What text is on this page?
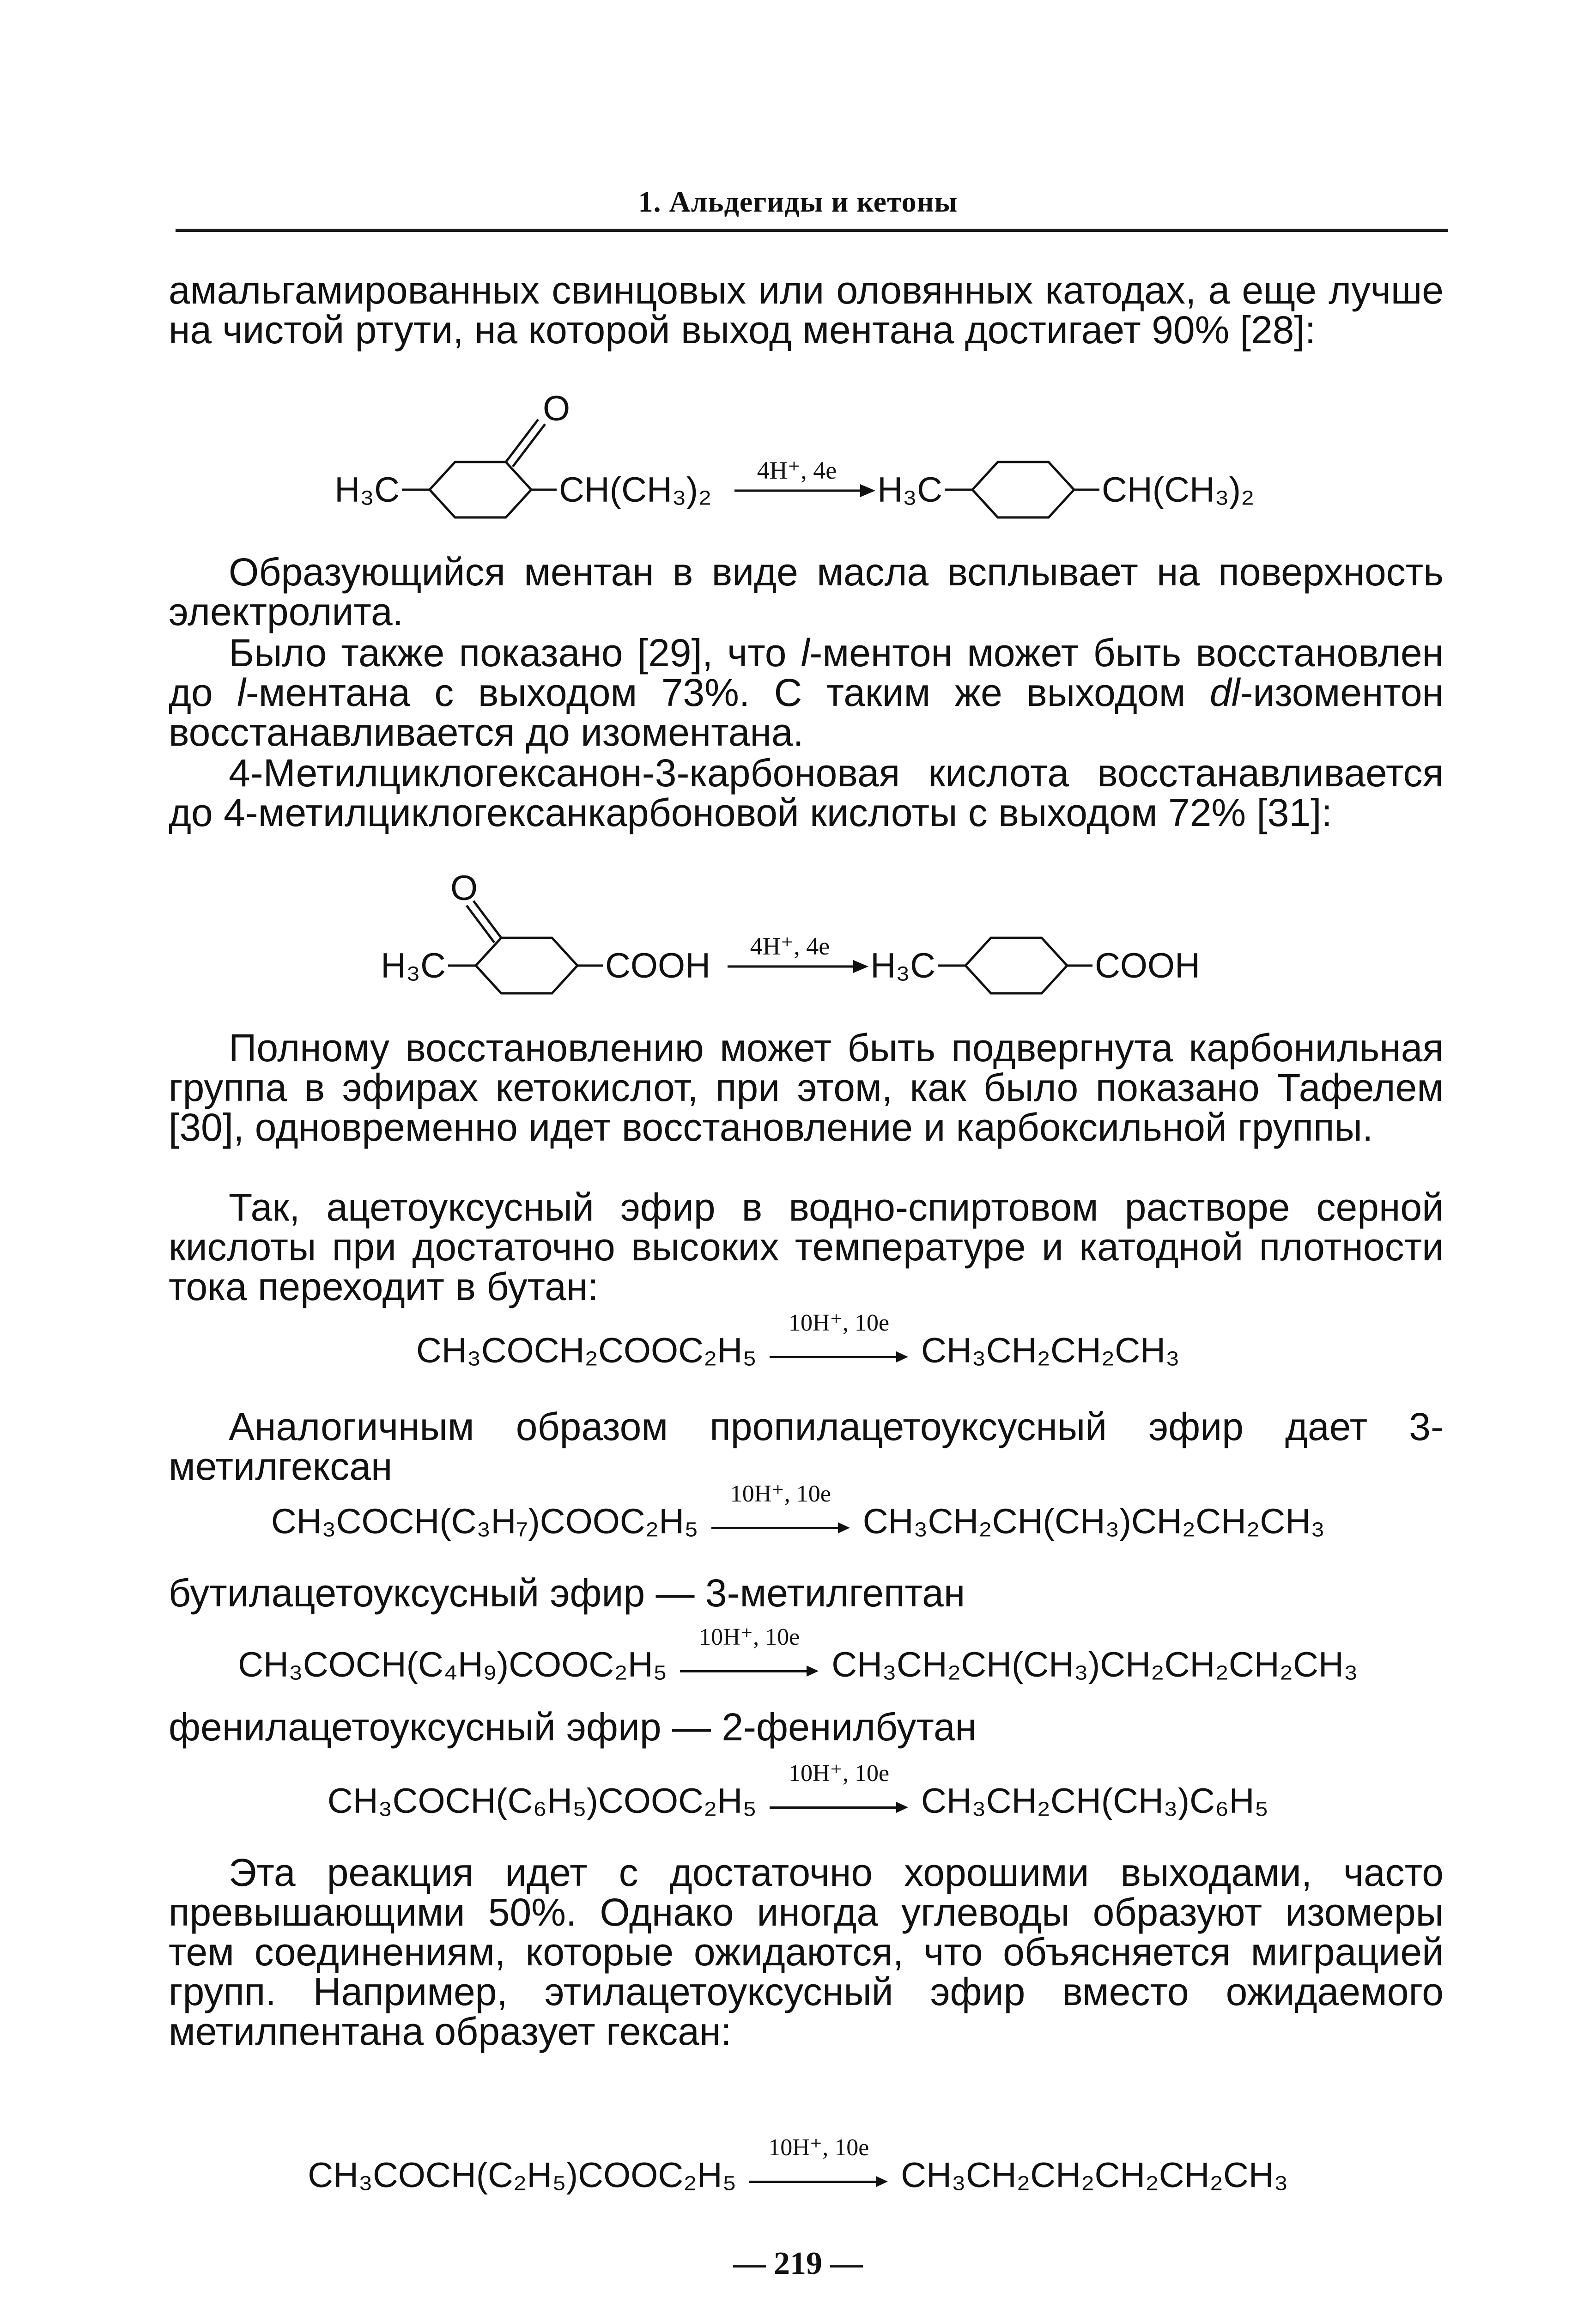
1. Альдегиды и кетоны
амальгамированных свинцовых или оловянных катодах, а еще лучше на чистой ртути, на которой выход ментана достигает 90% [28]:
O
H₃C	CH(CH₃)₂	H₃C	CH(CH₃)₂
4H⁺, 4e
Образующийся ментан в виде масла всплывает на поверхность электролита.
Было также показано [29], что l-ментон может быть восстановлен до l-ментана с выходом 73%. С таким же выходом dl-изоментон восстанавливается до изоментана.
4-Метилциклогексанон-3-карбоновая кислота восстанавливается до 4-метилциклогексанкарбоновой кислоты с выходом 72% [31]:
O
H₃C	COOH	H₃C	COOH
4H⁺, 4e
Полному восстановлению может быть подвергнута карбонильная группа в эфирах кетокислот, при этом, как было показано Тафелем [30], одновременно идет восстановление и карбоксильной группы.
Так, ацетоуксусный эфир в водно-спиртовом растворе серной кислоты при достаточно высоких температуре и катодной плотности тока переходит в бутан:
CH₃COCH₂COOC₂H₅
10H⁺, 10e
CH₃CH₂CH₂CH₃
Аналогичным образом пропилацетоуксусный эфир дает 3-метилгексан
CH₃COCH(C₃H₇)COOC₂H₅
10H⁺, 10e
CH₃CH₂CH(CH₃)CH₂CH₂CH₃
бутилацетоуксусный эфир — 3-метилгептан
CH₃COCH(C₄H₉)COOC₂H₅
10H⁺, 10e
CH₃CH₂CH(CH₃)CH₂CH₂CH₂CH₃
фенилацетоуксусный эфир — 2-фенилбутан
CH₃COCH(C₆H₅)COOC₂H₅
10H⁺, 10e
CH₃CH₂CH(CH₃)C₆H₅
Эта реакция идет с достаточно хорошими выходами, часто превышающими 50%. Однако иногда углеводы образуют изомеры тем соединениям, которые ожидаются, что объясняется миграцией групп. Например, этилацетоуксусный эфир вместо ожидаемого метилпентана образует гексан:
CH₃COCH(C₂H₅)COOC₂H₅
10H⁺, 10e
CH₃CH₂CH₂CH₂CH₂CH₃
— 219 —
